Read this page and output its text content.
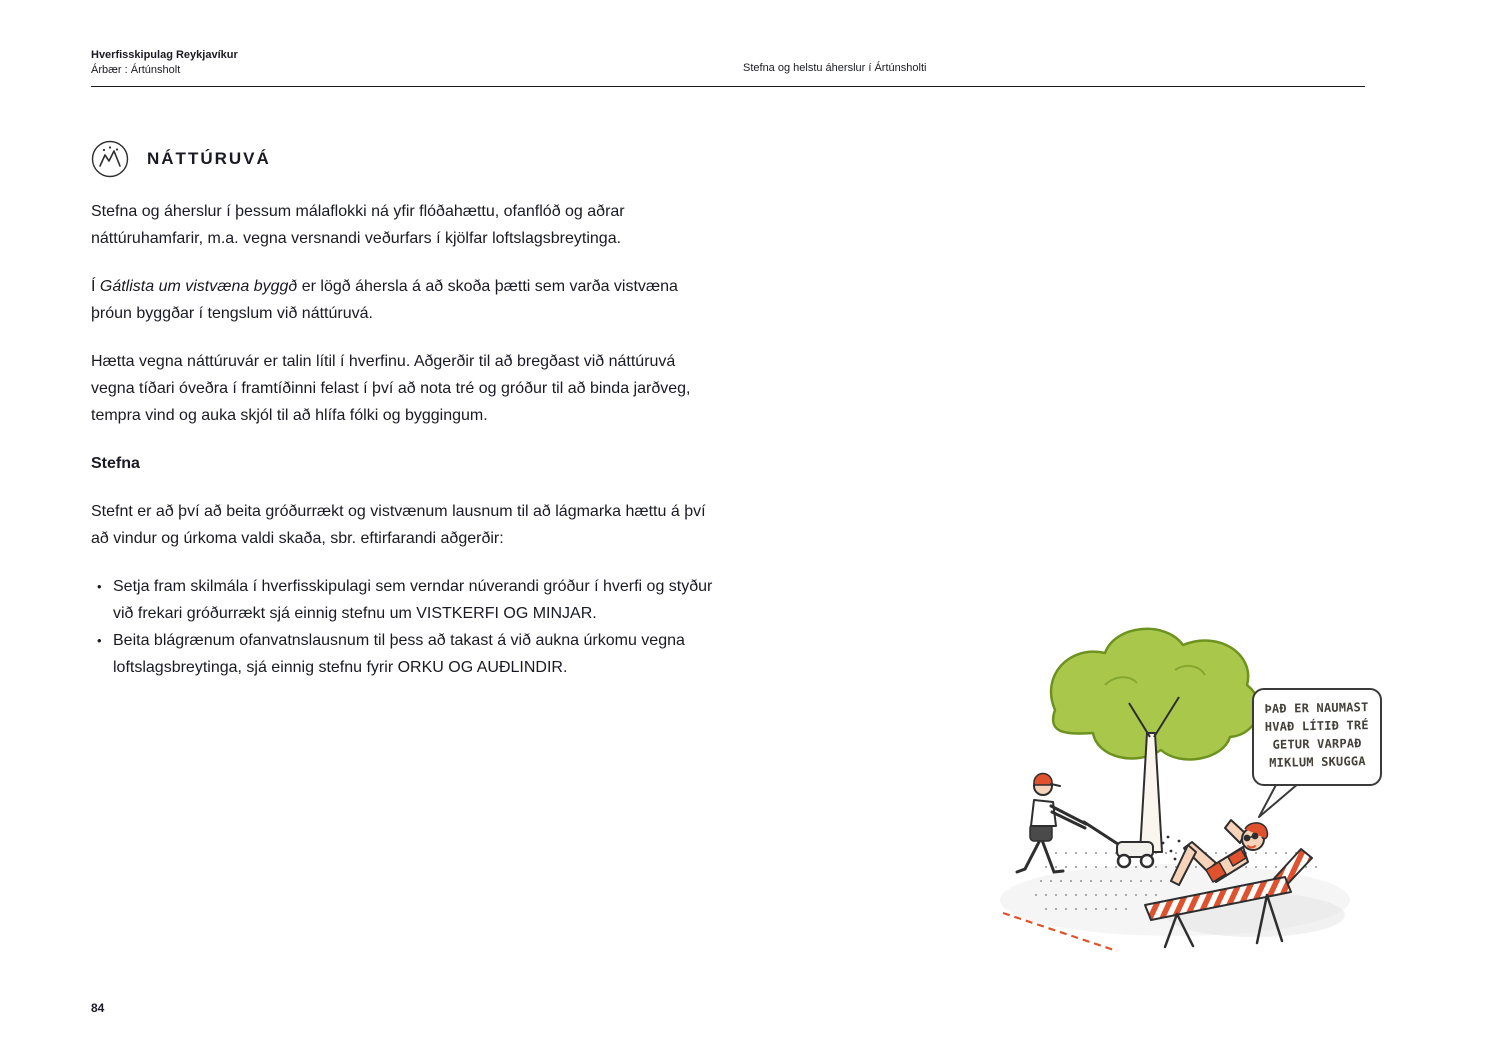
Hverfisskipulag Reykjavíkur
Árbær : Ártúnsholt	Stefna og helstu áherslur í Ártúnsholti
NÁTTÚRUVÁ

Stefna og áherslur í þessum málaflokki ná yfir flóðahættu, ofanflóð og aðrar náttúruhamfarir, m.a. vegna versnandi veðurfars í kjölfar loftslagsbreytinga.

Í Gátlista um vistvæna byggð er lögð áhersla á að skoða þætti sem varða vistvæna þróun byggðar í tengslum við náttúruvá.

Hætta vegna náttúruvár er talin lítil í hverfinu. Aðgerðir til að bregðast við náttúruvá vegna tíðari óveðra í framtíðinni felast í því að nota tré og gróður til að binda jarðveg, tempra vind og auka skjól til að hlífa fólki og byggingum.

Stefna

Stefnt er að því að beita gróðurrækt og vistvænum lausnum til að lágmarka hættu á því að vindur og úrkoma valdi skaða, sbr. eftirfarandi aðgerðir:

• Setja fram skilmála í hverfisskipulagi sem verndar núverandi gróður í hverfi og styður við frekari gróðurrækt sjá einnig stefnu um VISTKERFI OG MINJAR.
• Beita blágrænum ofanvatnslausnum til þess að takast á við aukna úrkomu vegna loftslagsbreytinga, sjá einnig stefnu fyrir ORKU OG AUÐLINDIR.
ÞAÐ ER NAUMAST
HVAÐ LÍTIÐ TRÉ
GETUR VARPAÐ
MIKLUM SKUGGA
84
